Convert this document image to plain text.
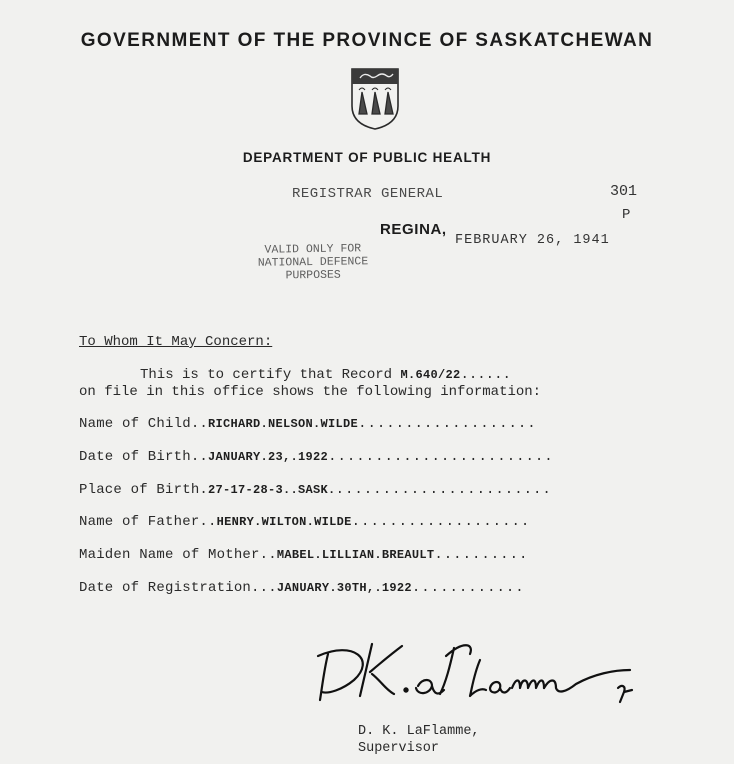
GOVERNMENT OF THE PROVINCE OF SASKATCHEWAN
DEPARTMENT OF PUBLIC HEALTH
REGISTRAR GENERAL	301
P
REGINA,
FEBRUARY 26, 1941
VALID ONLY FOR
NATIONAL DEFENCE
PURPOSES
To Whom It May Concern:
This is to certify that Record M.640/22......
on file in this office shows the following information:
Name of Child..RICHARD.NELSON.WILDE...................
Date of Birth..JANUARY.23,.1922........................
Place of Birth.27-17-28-3..SASK........................
Name of Father..HENRY.WILTON.WILDE...................
Maiden Name of Mother..MABEL.LILLIAN.BREAULT..........
Date of Registration...JANUARY.30TH,.1922............
D. K. LaFlamme,
Supervisor
